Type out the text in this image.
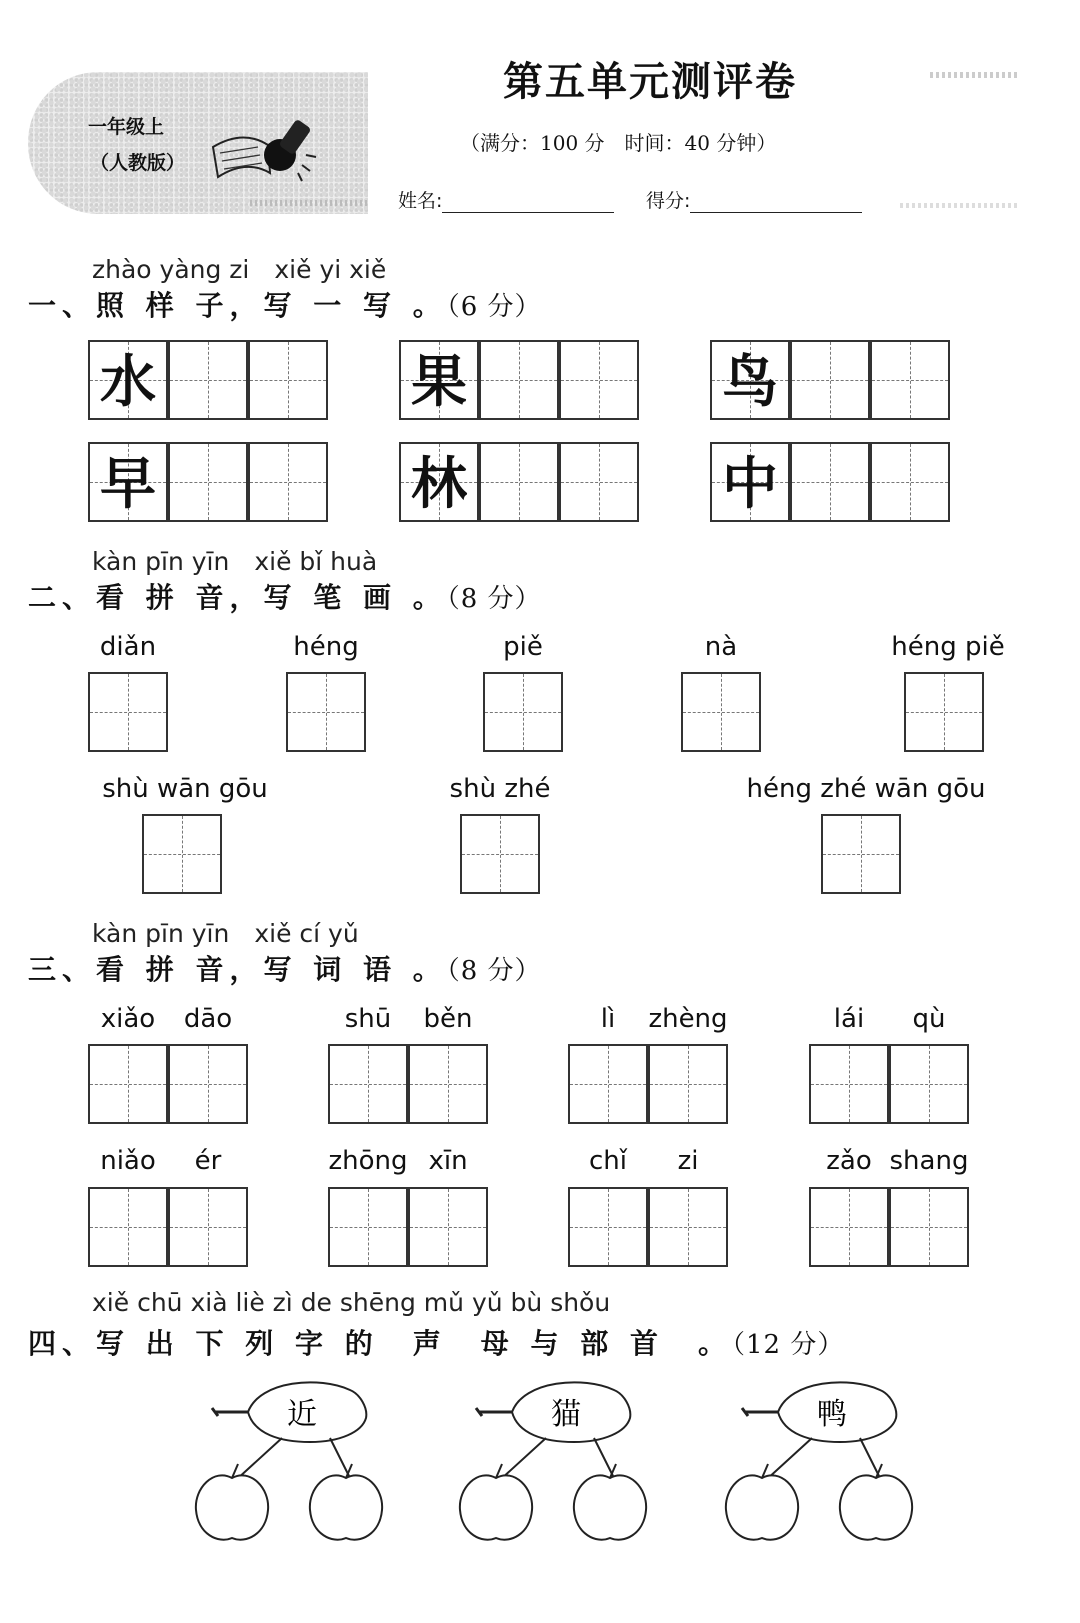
一年级上
（人教版）
第五单元测评卷
（满分：100 分　时间：40 分钟）
姓名:	得分:
zhào yàng zi　xiě yi xiě
一、照 样 子，写 一 写 。（6 分）
水	果	鸟
早	林	中
kàn pīn yīn　xiě bǐ huà
二、看 拼 音，写 笔 画 。（8 分）
diǎn	héng	piě	nà	héng piě
shù wān gōu	shù zhé	héng zhé wān gōu
kàn pīn yīn　xiě cí yǔ
三、看 拼 音，写 词 语 。（8 分）
xiǎo	dāo	shū	běn	lì	zhèng	lái	qù
niǎo	ér	zhōng xīn	chǐ	zi	zǎo shang
xiě chū xià liè zì de shēng mǔ yǔ bù shǒu
四、写 出 下 列 字 的　声　母 与 部 首　。（12 分）
近	猫	鸭
